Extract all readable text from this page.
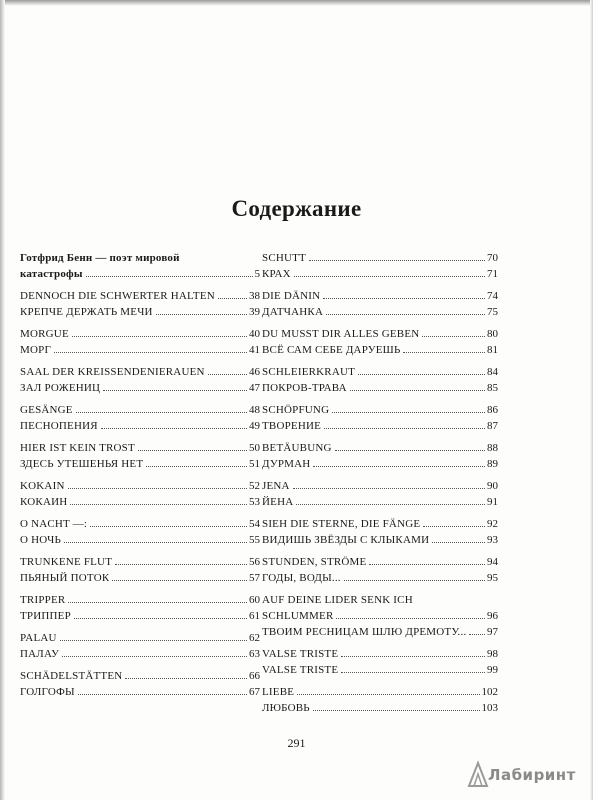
Содержание
Готфрид Бенн — поэт мировой
катастрофы	5
DENNOCH DIE SCHWERTER HALTEN	38
КРЕПЧЕ ДЕРЖАТЬ МЕЧИ	39
MORGUE	40
МОРГ	41
SAAL DER KREISSENDENIERAUEN	46
ЗАЛ РОЖЕНИЦ	47
GESÄNGE	48
ПЕСНОПЕНИЯ	49
HIER IST KEIN TROST	50
ЗДЕСЬ УТЕШЕНЬЯ НЕТ	51
KOKAIN	52
КОКАИН	53
O NACHT —:	54
О НОЧЬ	55
TRUNKENE FLUT	56
ПЬЯНЫЙ ПОТОК	57
TRIPPER	60
ТРИППЕР	61
PALAU	62
ПАЛАУ	63
SCHÄDELSTÄTTEN	66
ГОЛГОФЫ	67
SCHUTT	70
КРАХ	71
DIE DÄNIN	74
ДАТЧАНКА	75
DU MUSST DIR ALLES GEBEN	80
ВСЁ САМ СЕБЕ ДАРУЕШЬ	81
SCHLEIERKRAUT	84
ПОКРОВ-ТРАВА	85
SCHÖPFUNG	86
ТВОРЕНИЕ	87
BETÄUBUNG	88
ДУРМАН	89
JENA	90
ЙЕНА	91
SIEH DIE STERNE, DIE FÄNGE	92
ВИДИШЬ ЗВЁЗДЫ С КЛЫКАМИ	93
STUNDEN, STRÖME	94
ГОДЫ, ВОДЫ...	95
AUF DEINE LIDER SENK ICH
SCHLUMMER	96
ТВОИМ РЕСНИЦАМ ШЛЮ ДРЕМОТУ... 97
VALSE TRISTE	98
VALSE TRISTE	99
LIEBE	102
ЛЮБОВЬ	103
291
Лабиринт
